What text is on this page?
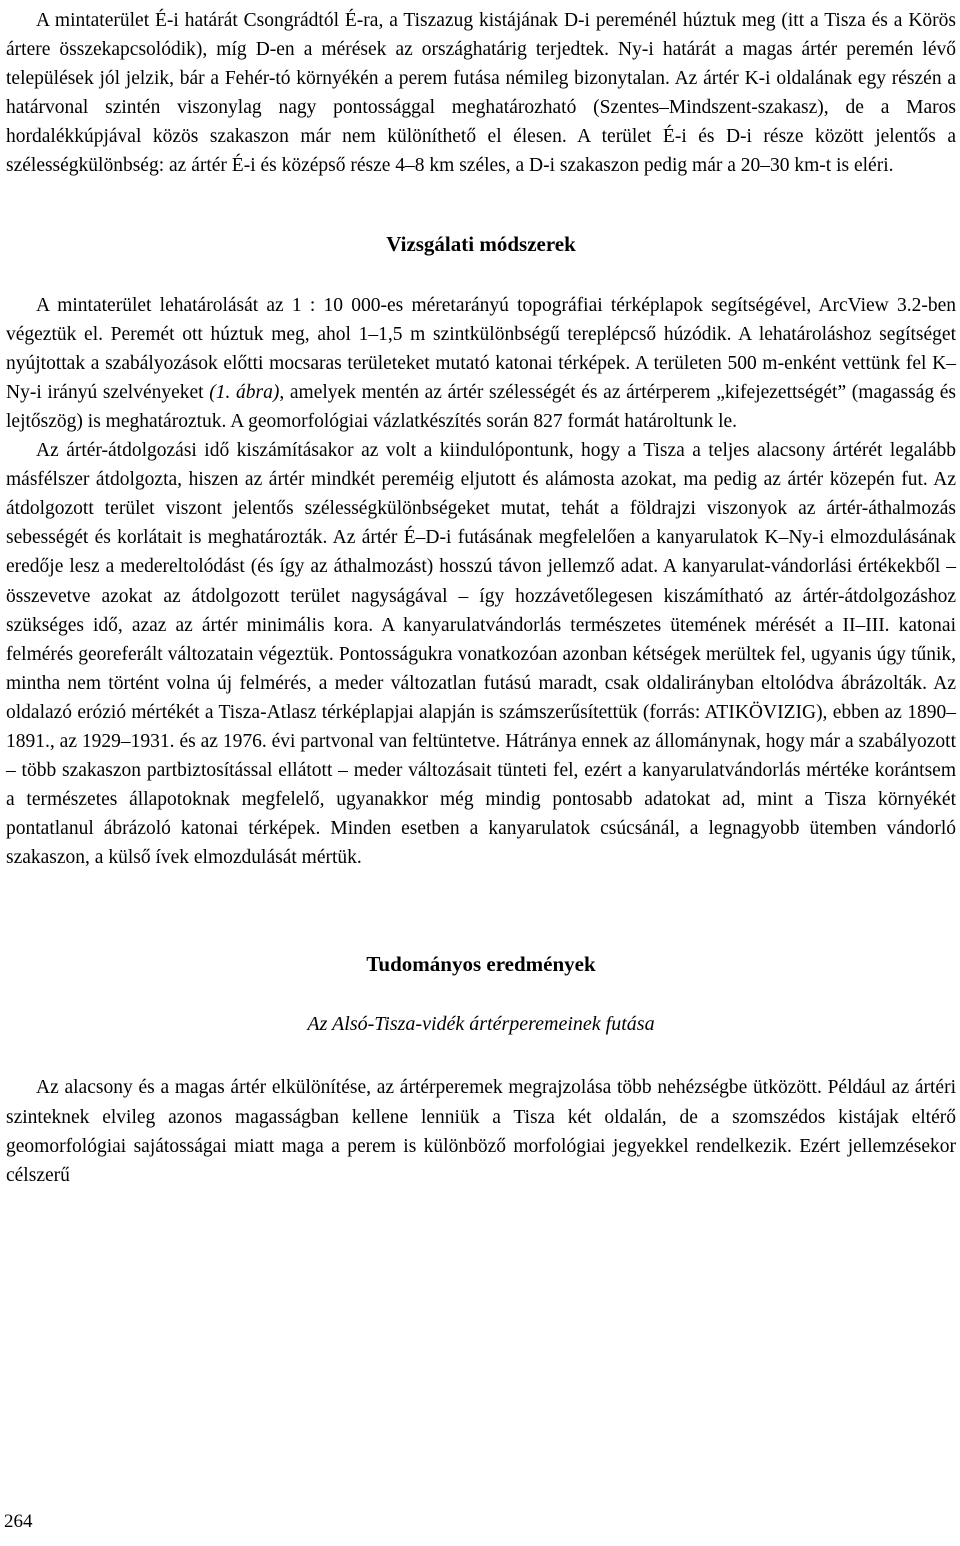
A mintaterület É-i határát Csongrádtól É-ra, a Tiszazug kistájának D-i pereménél húztuk meg (itt a Tisza és a Körös ártere összekapcsolódik), míg D-en a mérések az országhatárig terjedtek. Ny-i határát a magas ártér peremén lévő települések jól jelzik, bár a Fehér-tó környékén a perem futása némileg bizonytalan. Az ártér K-i oldalának egy részén a határvonal szintén viszonylag nagy pontossággal meghatározható (Szentes–Mindszent-szakasz), de a Maros hordalékkúpjával közös szakaszon már nem különíthető el élesen. A terület É-i és D-i része között jelentős a szélességkülönbség: az ártér É-i és középső része 4–8 km széles, a D-i szakaszon pedig már a 20–30 km-t is eléri.

Vizsgálati módszerek

A mintaterület lehatárolását az 1 : 10 000-es méretarányú topográfiai térképlapok segítségével, ArcView 3.2-ben végeztük el. Peremét ott húztuk meg, ahol 1–1,5 m szintkülönbségű tereplépcső húzódik. A lehatároláshoz segítséget nyújtottak a szabályozások előtti mocsaras területeket mutató katonai térképek. A területen 500 m-enként vettünk fel K–Ny-i irányú szelvényeket (1. ábra), amelyek mentén az ártér szélességét és az ártérperem „kifejezettségét” (magasság és lejtőszög) is meghatároztuk. A geomorfológiai vázlatkészítés során 827 formát határoltunk le.

Az ártér-átdolgozási idő kiszámításakor az volt a kiindulópontunk, hogy a Tisza a teljes alacsony ártérét legalább másfélszer átdolgozta, hiszen az ártér mindkét pereméig eljutott és alámosta azokat, ma pedig az ártér közepén fut. Az átdolgozott terület viszont jelentős szélességkülönbségeket mutat, tehát a földrajzi viszonyok az ártér-áthalmozás sebességét és korlátait is meghatározták. Az ártér É–D-i futásának megfelelően a kanyarulatok K–Ny-i elmozdulásának eredője lesz a medereltolódást (és így az áthalmozást) hosszú távon jellemző adat. A kanyarulat-vándorlási értékekből – összevetve azokat az átdolgozott terület nagyságával – így hozzávetőlegesen kiszámítható az ártér-átdolgozáshoz szükséges idő, azaz az ártér minimális kora. A kanyarulatvándorlás természetes ütemének mérését a II–III. katonai felmérés georeferált változatain végeztük. Pontosságukra vonatkozóan azonban kétségek merültek fel, ugyanis úgy tűnik, mintha nem történt volna új felmérés, a meder változatlan futású maradt, csak oldalirányban eltolódva ábrázolták. Az oldalazó erózió mértékét a Tisza-Atlasz térképlapjai alapján is számszerűsítettük (forrás: ATIKÖVIZIG), ebben az 1890–1891., az 1929–1931. és az 1976. évi partvonal van feltüntetve. Hátránya ennek az állománynak, hogy már a szabályozott – több szakaszon partbiztosítással ellátott – meder változásait tünteti fel, ezért a kanyarulatvándorlás mértéke korántsem a természetes állapotoknak megfelelő, ugyanakkor még mindig pontosabb adatokat ad, mint a Tisza környékét pontatlanul ábrázoló katonai térképek. Minden esetben a kanyarulatok csúcsánál, a legnagyobb ütemben vándorló szakaszon, a külső ívek elmozdulását mértük.

Tudományos eredmények
Az Alsó-Tisza-vidék ártérperemeinek futása

Az alacsony és a magas ártér elkülönítése, az ártérperemek megrajzolása több nehézségbe ütközött. Például az ártéri szinteknek elvileg azonos magasságban kellene lenniük a Tisza két oldalán, de a szomszédos kistájak eltérő geomorfológiai sajátosságai miatt maga a perem is különböző morfológiai jegyekkel rendelkezik. Ezért jellemzésekor célszerű

264
